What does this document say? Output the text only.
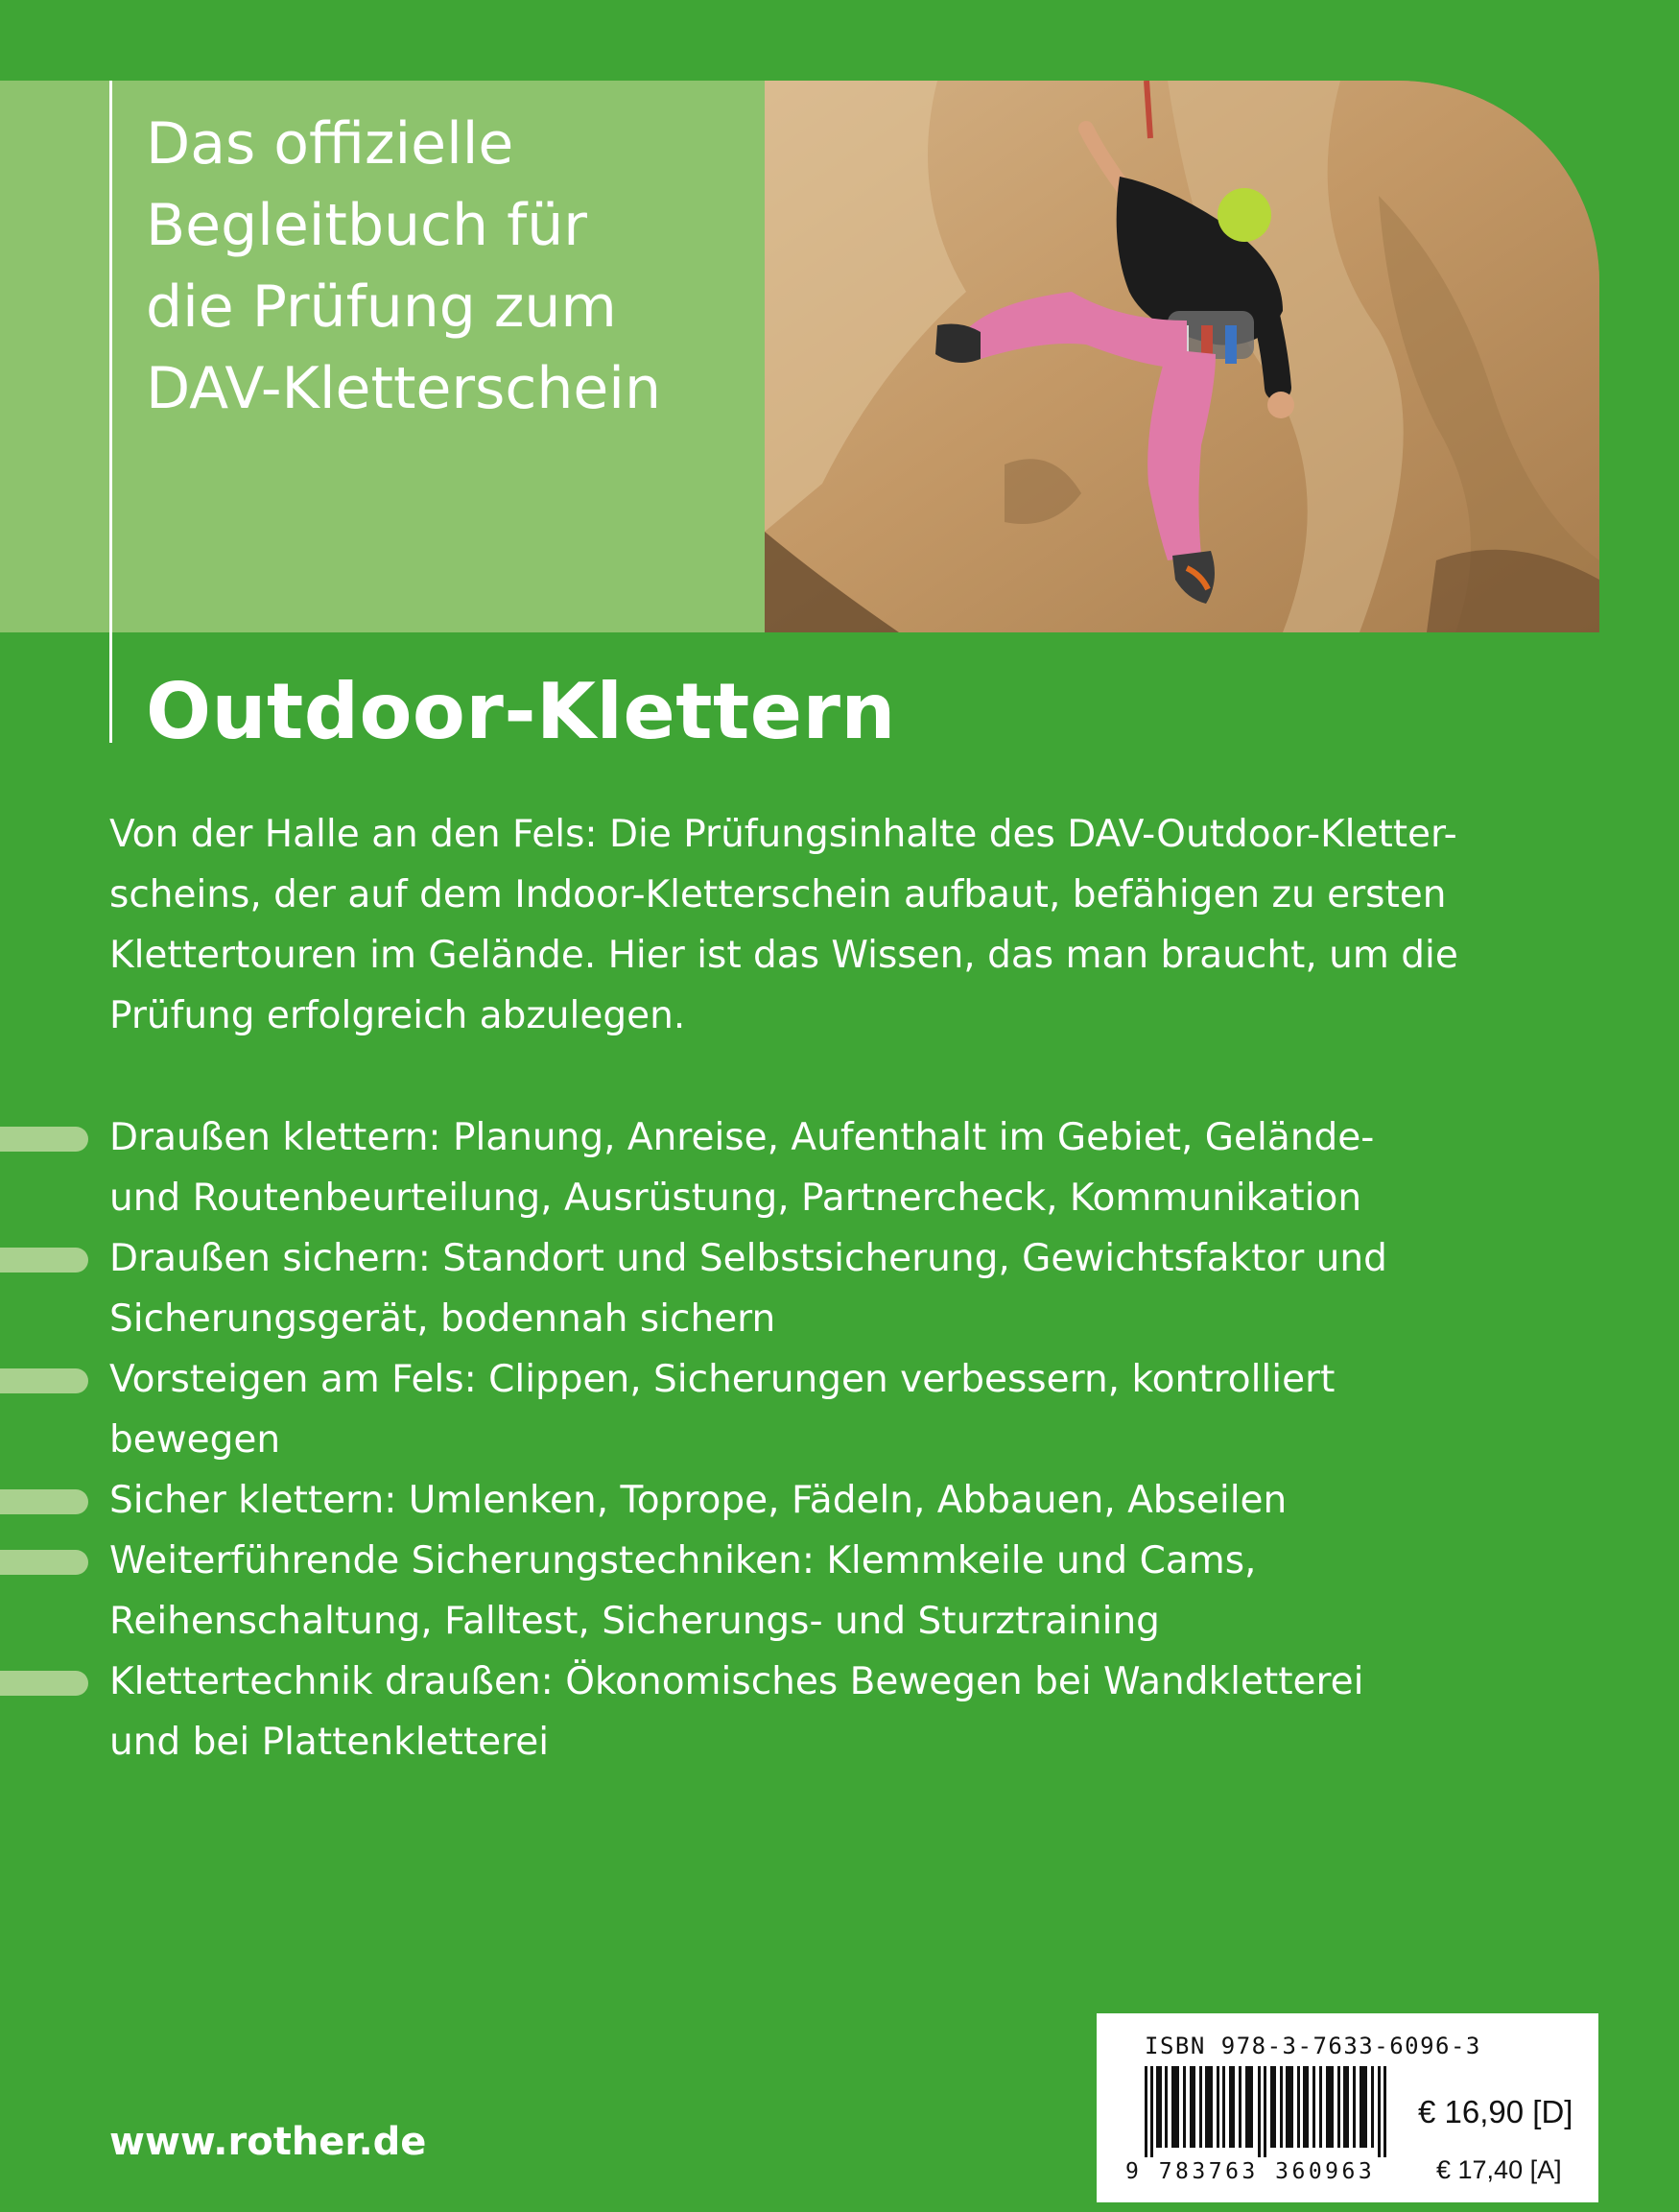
Das offizielle
Begleitbuch für
die Prüfung zum
DAV-Kletterschein
Outdoor-Klettern
Von der Halle an den Fels: Die Prüfungsinhalte des DAV-Outdoor-Kletter-
scheins, der auf dem Indoor-Kletterschein aufbaut, befähigen zu ersten
Klettertouren im Gelände. Hier ist das Wissen, das man braucht, um die
Prüfung erfolgreich abzulegen.
Draußen klettern: Planung, Anreise, Aufenthalt im Gebiet, Gelände-
und Routenbeurteilung, Ausrüstung, Partnercheck, Kommunikation
Draußen sichern: Standort und Selbstsicherung, Gewichtsfaktor und
Sicherungsgerät, bodennah sichern
Vorsteigen am Fels: Clippen, Sicherungen verbessern, kontrolliert
bewegen
Sicher klettern: Umlenken, Toprope, Fädeln, Abbauen, Abseilen
Weiterführende Sicherungstechniken: Klemmkeile und Cams,
Reihenschaltung, Falltest, Sicherungs- und Sturztraining
Klettertechnik draußen: Ökonomisches Bewegen bei Wandkletterei
und bei Plattenkletterei
www.rother.de
ISBN 978-3-7633-6096-3
9 783763 360963
€ 16,90 [D]
€ 17,40 [A]
